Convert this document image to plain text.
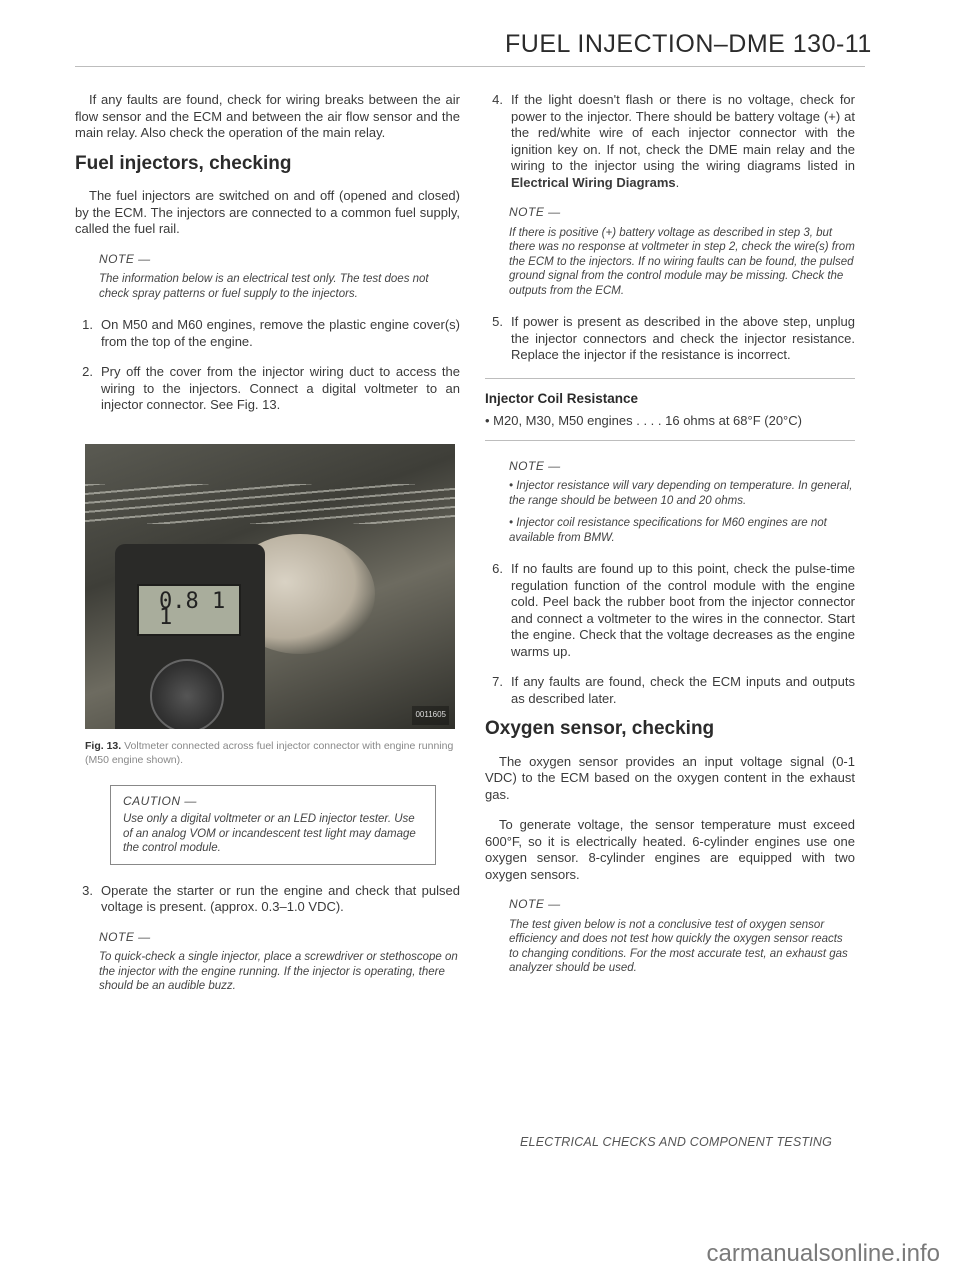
FUEL INJECTION–DME 130-11

If any faults are found, check for wiring breaks between the air flow sensor and the ECM and between the air flow sensor and the main relay. Also check the operation of the main relay.

Fuel injectors, checking

The fuel injectors are switched on and off (opened and closed) by the ECM. The injectors are connected to a common fuel supply, called the fuel rail.

NOTE —

The information below is an electrical test only. The test does not check spray patterns or fuel supply to the injectors.

1. On M50 and M60 engines, remove the plastic engine cover(s) from the top of the engine.
2. Pry off the cover from the injector wiring duct to access the wiring to the injectors. Connect a digital voltmeter to an injector connector. See Fig. 13.
0.8 1 1
0011605
Fig. 13. Voltmeter connected across fuel injector connector with engine running (M50 engine shown).
CAUTION —
Use only a digital voltmeter or an LED injector tester. Use of an analog VOM or incandescent test light may damage the control module.
3. Operate the starter or run the engine and check that pulsed voltage is present. (approx. 0.3–1.0 VDC).
NOTE —

To quick-check a single injector, place a screwdriver or stethoscope on the injector with the engine running. If the injector is operating, there should be an audible buzz.

4. If the light doesn't flash or there is no voltage, check for power to the injector. There should be battery voltage (+) at the red/white wire of each injector connector with the ignition key on. If not, check the DME main relay and the wiring to the injector using the wiring diagrams listed in Electrical Wiring Diagrams.
NOTE —

If there is positive (+) battery voltage as described in step 3, but there was no response at voltmeter in step 2, check the wire(s) from the ECM to the injectors. If no wiring faults can be found, the pulsed ground signal from the control module may be missing. Check the outputs from the ECM.

5. If power is present as described in the above step, unplug the injector connectors and check the injector resistance. Replace the injector if the resistance is incorrect.
Injector Coil Resistance
• M20, M30, M50 engines . . . . 16 ohms at 68°F (20°C)
NOTE —

• Injector resistance will vary depending on temperature. In general, the range should be between 10 and 20 ohms.

• Injector coil resistance specifications for M60 engines are not available from BMW.

6. If no faults are found up to this point, check the pulse-time regulation function of the control module with the engine cold. Peel back the rubber boot from the injector connector and connect a voltmeter to the wires in the connector. Start the engine. Check that the voltage decreases as the engine warms up.
7. If any faults are found, check the ECM inputs and outputs as described later.
Oxygen sensor, checking

The oxygen sensor provides an input voltage signal (0-1 VDC) to the ECM based on the oxygen content in the exhaust gas.

To generate voltage, the sensor temperature must exceed 600°F, so it is electrically heated. 6-cylinder engines use one oxygen sensor. 8-cylinder engines are equipped with two oxygen sensors.

NOTE —

The test given below is not a conclusive test of oxygen sensor efficiency and does not test how quickly the oxygen sensor reacts to changing conditions. For the most accurate test, an exhaust gas analyzer should be used.

ELECTRICAL CHECKS AND COMPONENT TESTING
carmanualsonline.info
